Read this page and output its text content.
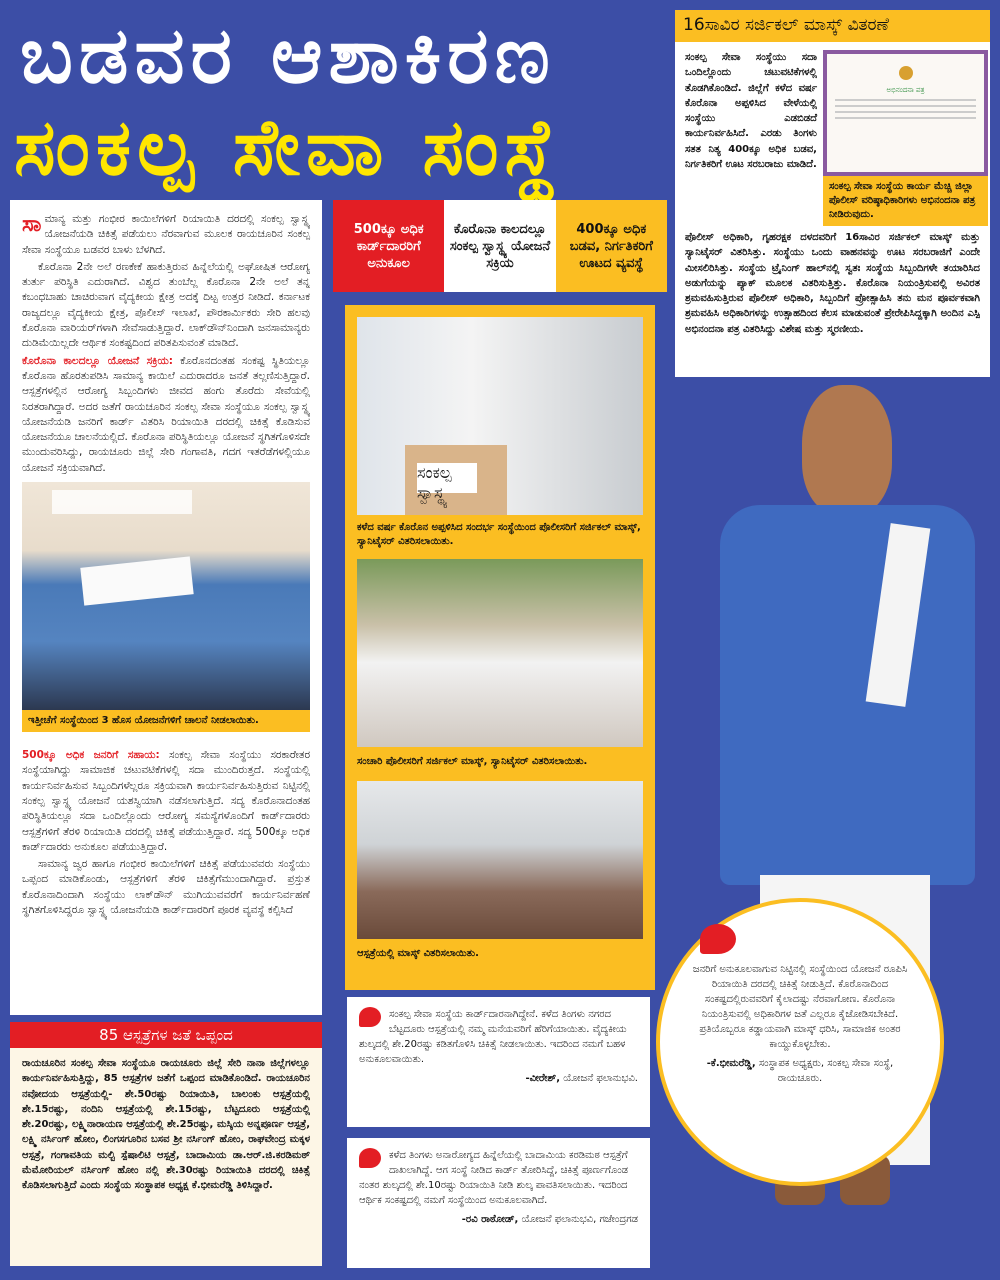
ಬಡವರ ಆಶಾಕಿರಣ
ಸಂಕಲ್ಪ ಸೇವಾ ಸಂಸ್ಥೆ

ಸಾಮಾನ್ಯ ಮತ್ತು ಗಂಭೀರ ಕಾಯಿಲೆಗಳಿಗೆ ರಿಯಾಯಿತಿ ದರದಲ್ಲಿ ಸಂಕಲ್ಪ ಸ್ವಾಸ್ಥ್ಯ ಯೋಜನೆಯಡಿ ಚಿಕಿತ್ಸೆ ಪಡೆಯಲು ನೆರವಾಗುವ ಮೂಲಕ ರಾಯಚೂರಿನ ಸಂಕಲ್ಪ ಸೇವಾ ಸಂಸ್ಥೆಯೂ ಬಡವರ ಬಾಳು ಬೆಳಗಿದೆ.

ಕೊರೊನಾ 2ನೇ ಅಲೆ ರಣಕೇಕೆ ಹಾಕುತ್ತಿರುವ ಹಿನ್ನೆಲೆಯಲ್ಲಿ ಅಘೋಷಿತ ಆರೋಗ್ಯ ತುರ್ತು ಪರಿಸ್ಥಿತಿ ಎದುರಾಗಿದೆ. ವಿಶ್ವದ ತುಂಬೆಲ್ಲ ಕೊರೊನಾ 2ನೇ ಅಲೆ ತನ್ನ ಕಬಂಧಬಾಹು ಚಾಚಿರುವಾಗ ವೈದ್ಯಕೀಯ ಕ್ಷೇತ್ರ ಅದಕ್ಕೆ ದಿಟ್ಟ ಉತ್ತರ ನೀಡಿದೆ. ಕರ್ನಾಟಕ ರಾಜ್ಯದಲ್ಲೂ ವೈದ್ಯಕೀಯ ಕ್ಷೇತ್ರ, ಪೊಲೀಸ್ ಇಲಾಖೆ, ಪೌರಕಾರ್ಮಿಕರು ಸೇರಿ ಹಲವು ಕೊರೊನಾ ವಾರಿಯರ್‌ಗಳಾಗಿ ಸೇವೆಸಾಡುತ್ತಿದ್ದಾರೆ. ಲಾಕ್‌ಡೌನ್‌ನಿಂದಾಗಿ ಜನಸಾಮಾನ್ಯರು ದುಡಿಮೆಯಿಲ್ಲದೇ ಆರ್ಥಿಕ ಸಂಕಷ್ಟದಿಂದ ಪರಿತಪಿಸುವಂತೆ ಮಾಡಿದೆ.

ಕೊರೊನಾ ಕಾಲದಲ್ಲೂ ಯೋಜನೆ ಸಕ್ರಿಯ: ಕೊರೊನದಂತಹ ಸಂಕಷ್ಟ ಸ್ಥಿತಿಯಲ್ಲೂ ಕೊರೊನಾ ಹೊರತುಪಡಿಸಿ ಸಾಮಾನ್ಯ ಕಾಯಿಲೆ ಎದುರಾದರೂ ಜನತೆ ತಲ್ಲಣಿಸುತ್ತಿದ್ದಾರೆ. ಆಸ್ಪತ್ರೆಗಳಲ್ಲಿನ ಆರೋಗ್ಯ ಸಿಬ್ಬಂದಿಗಳು ಜೀವದ ಹಂಗು ತೊರೆದು ಸೇವೆಯಲ್ಲಿ ನಿರತರಾಗಿದ್ದಾರೆ. ಅದರ ಜತೆಗೆ ರಾಯಚೂರಿನ ಸಂಕಲ್ಪ ಸೇವಾ ಸಂಸ್ಥೆಯೂ ಸಂಕಲ್ಪ ಸ್ವಾಸ್ಥ್ಯ ಯೋಜನೆಯಡಿ ಜನರಿಗೆ ಕಾರ್ಡ್ ವಿತರಿಸಿ ರಿಯಾಯಿತಿ ದರದಲ್ಲಿ ಚಿಕಿತ್ಸೆ ಕೊಡಿಸುವ ಯೋಜನೆಯೂ ಚಾಲನೆಯಲ್ಲಿದೆ. ಕೊರೊನಾ ಪರಿಸ್ಥಿತಿಯಲ್ಲೂ ಯೋಜನೆ ಸ್ಥಗಿತಗೊಳಿಸದೇ ಮುಂದುವರಿಸಿದ್ದು, ರಾಯಚೂರು ಜಿಲ್ಲೆ ಸೇರಿ ಗಂಗಾವತಿ, ಗದಗ ಇತರೆಡೆಗಳಲ್ಲಿಯೂ ಯೋಜನೆ ಸಕ್ರಿಯವಾಗಿದೆ.

ಇತ್ತೀಚೆಗೆ ಸಂಸ್ಥೆಯಿಂದ 3 ಹೊಸ ಯೋಜನೆಗಳಿಗೆ ಚಾಲನೆ ನೀಡಲಾಯಿತು.

500ಕ್ಕೂ ಅಧಿಕ ಜನರಿಗೆ ಸಹಾಯ: ಸಂಕಲ್ಪ ಸೇವಾ ಸಂಸ್ಥೆಯು ಸರಕಾರೇತರ ಸಂಸ್ಥೆಯಾಗಿದ್ದು ಸಾಮಾಜಿಕ ಚಟುವಟಿಕೆಗಳಲ್ಲಿ ಸದಾ ಮುಂದಿರುತ್ತದೆ. ಸಂಸ್ಥೆಯಲ್ಲಿ ಕಾರ್ಯನಿರ್ವಹಿಸುವ ಸಿಬ್ಬಂದಿಗಳೆಲ್ಲರೂ ಸಕ್ರಿಯವಾಗಿ ಕಾರ್ಯನಿರ್ವಹಿಸುತ್ತಿರುವ ನಿಟ್ಟಿನಲ್ಲಿ ಸಂಕಲ್ಪ ಸ್ವಾಸ್ಥ್ಯ ಯೋಜನೆ ಯಶಸ್ವಿಯಾಗಿ ನಡೆಸಲಾಗುತ್ತಿದೆ. ಸದ್ಯ ಕೊರೊನಾದಂತಹ ಪರಿಸ್ಥಿತಿಯಲ್ಲೂ ಸದಾ ಒಂದಿಲ್ಲೊಂದು ಆರೋಗ್ಯ ಸಮಸ್ಯೆಗಳೊಂದಿಗೆ ಕಾರ್ಡ್‌ದಾರರು ಆಸ್ಪತ್ರೆಗಳಿಗೆ ತೆರಳಿ ರಿಯಾಯಿತಿ ದರದಲ್ಲಿ ಚಿಕಿತ್ಸೆ ಪಡೆಯುತ್ತಿದ್ದಾರೆ. ಸದ್ಯ 500ಕ್ಕೂ ಅಧಿಕ ಕಾರ್ಡ್‌ದಾರರು ಅನುಕೂಲ ಪಡೆಯುತ್ತಿದ್ದಾರೆ.

ಸಾಮಾನ್ಯ ಜ್ವರ ಹಾಗೂ ಗಂಭೀರ ಕಾಯಿಲೆಗಳಿಗೆ ಚಿಕಿತ್ಸೆ ಪಡೆಯುವವರು ಸಂಸ್ಥೆಯು ಒಪ್ಪಂದ ಮಾಡಿಕೊಂಡು, ಆಸ್ಪತ್ರೆಗಳಿಗೆ ತೆರಳಿ ಚಿಕಿತ್ಸೆಗೆಮುಂದಾಗಿದ್ದಾರೆ. ಪ್ರಸ್ತುತ ಕೊರೊನಾದಿಂದಾಗಿ ಸಂಸ್ಥೆಯು ಲಾಕ್‌ಡೌನ್ ಮುಗಿಯುವವರೆಗೆ ಕಾರ್ಯನಿರ್ವಹಣೆ ಸ್ಥಗಿತಗೊಳಿಸಿದ್ದರೂ ಸ್ವಾಸ್ಥ್ಯ ಯೋಜನೆಯಡಿ ಕಾರ್ಡ್‌ದಾರರಿಗೆ ಪೂರಕ ವ್ಯವಸ್ಥೆ ಕಲ್ಪಿಸಿದೆ

85 ಆಸ್ಪತ್ರೆಗಳ ಜತೆ ಒಪ್ಪಂದ

ರಾಯಚೂರಿನ ಸಂಕಲ್ಪ ಸೇವಾ ಸಂಸ್ಥೆಯೂ ರಾಯಚೂರು ಜಿಲ್ಲೆ ಸೇರಿ ನಾನಾ ಜಿಲ್ಲೆಗಳಲ್ಲೂ ಕಾರ್ಯನಿರ್ವಹಿಸುತ್ತಿದ್ದು, 85 ಆಸ್ಪತ್ರೆಗಳ ಜತೆಗೆ ಒಪ್ಪಂದ ಮಾಡಿಕೊಂಡಿದೆ. ರಾಯಚೂರಿನ ನವೋದಯ ಆಸ್ಪತ್ರೆಯಲ್ಲಿ- ಶೇ.50ರಷ್ಟು ರಿಯಾಯಿತಿ, ಬಾಲಂಕು ಆಸ್ಪತ್ರೆಯಲ್ಲಿ ಶೇ.15ರಷ್ಟು, ನಂದಿನಿ ಆಸ್ಪತ್ರೆಯಲ್ಲಿ ಶೇ.15ರಷ್ಟು, ಬೆಟ್ಟದೂರು ಆಸ್ಪತ್ರೆಯಲ್ಲಿ ಶೇ.20ರಷ್ಟು, ಲಕ್ಷ್ಮಿನಾರಾಯಣ ಆಸ್ಪತ್ರೆಯಲ್ಲಿ ಶೇ.25ರಷ್ಟು, ಮಸ್ಕಿಯ ಅನ್ನಪೂರ್ಣ ಆಸ್ಪತ್ರೆ, ಲಕ್ಷ್ಮಿ ನರ್ಸಿಂಗ್ ಹೋಂ, ಲಿಂಗಸಗೂರಿನ ಬಸವ ಶ್ರೀ ನರ್ಸಿಂಗ್ ಹೋಂ, ರಾಘವೇಂದ್ರ ಮಕ್ಕಳ ಆಸ್ಪತ್ರೆ, ಗಂಗಾವತಿಯ ಮಲ್ಟಿ ಸ್ಪೆಷಾಲಿಟಿ ಆಸ್ಪತ್ರೆ, ಬಾದಾಮಿಯ ಡಾ.ಆರ್.ಜಿ.ಕರಡಿಮಠ್ ಮೆಮೋರಿಯಲ್ ನರ್ಸಿಂಗ್ ಹೋಂ ನಲ್ಲಿ ಶೇ.30ರಷ್ಟು ರಿಯಾಯಿತಿ ದರದಲ್ಲಿ ಚಿಕಿತ್ಸೆ ಕೊಡಿಸಲಾಗುತ್ತಿದೆ ಎಂದು ಸಂಸ್ಥೆಯ ಸಂಸ್ಥಾಪಕ ಅಧ್ಯಕ್ಷ ಕೆ.ಭೀಮರೆಡ್ಡಿ ತಿಳಿಸಿದ್ದಾರೆ.

500ಕ್ಕೂ ಅಧಿಕ ಕಾರ್ಡ್‌ದಾರರಿಗೆ ಅನುಕೂಲ
ಕೊರೊನಾ ಕಾಲದಲ್ಲೂ ಸಂಕಲ್ಪ ಸ್ವಾಸ್ಥ್ಯ ಯೋಜನೆ ಸಕ್ರಿಯ
400ಕ್ಕೂ ಅಧಿಕ ಬಡವ, ನಿರ್ಗತಿಕರಿಗೆ ಊಟದ ವ್ಯವಸ್ಥೆ
ಸಂಕಲ್ಪ ಸ್ವಾಸ್ಥ್ಯ
ಕಳೆದ ವರ್ಷ ಕೊರೊನ ಅಪ್ಪಳಿಸಿದ ಸಂದರ್ಭ ಸಂಸ್ಥೆಯಿಂದ ಪೊಲೀಸರಿಗೆ ಸರ್ಜಿಕಲ್ ಮಾಸ್ಕ್, ಸ್ಯಾನಿಟೈಸರ್ ವಿತರಿಸಲಾಯಿತು.
ಸಂಚಾರಿ ಪೊಲೀಸರಿಗೆ ಸರ್ಜಿಕಲ್ ಮಾಸ್ಕ್, ಸ್ಯಾನಿಟೈಸರ್ ವಿತರಿಸಲಾಯಿತು.
ಆಸ್ಪತ್ರೆಯಲ್ಲಿ ಮಾಸ್ಕ್ ವಿತರಿಸಲಾಯಿತು.
ಸಂಕಲ್ಪ ಸೇವಾ ಸಂಸ್ಥೆಯ ಕಾರ್ಡ್‌ದಾರನಾಗಿದ್ದೇನೆ. ಕಳೆದ ತಿಂಗಳು ನಗರದ ಬೆಟ್ಟದೂರು ಆಸ್ಪತ್ರೆಯಲ್ಲಿ ನಮ್ಮ ಮನೆಯವರಿಗೆ ಹೆರಿಗೆಯಾಯಿತು. ವೈದ್ಯಕೀಯ ಶುಲ್ಕದಲ್ಲಿ ಶೇ.20ರಷ್ಟು ಕಡಿತಗೊಳಿಸಿ ಚಿಕಿತ್ಸೆ ನೀಡಲಾಯಿತು. ಇದರಿಂದ ನಮಗೆ ಬಹಳ ಅನುಕೂಲವಾಯಿತು.
-ವೀರೇಶ್, ಯೋಜನೆ ಫಲಾನುಭವಿ.
ಕಳೆದ ತಿಂಗಳು ಅನಾರೋಗ್ಯದ ಹಿನ್ನೆಲೆಯಲ್ಲಿ ಬಾದಾಮಿಯ ಕರಡಿಮಠ ಆಸ್ಪತ್ರೆಗೆ ದಾಖಲಾಗಿದ್ದೆ. ಆಗ ಸಂಸ್ಥೆ ನೀಡಿದ ಕಾರ್ಡ್ ತೋರಿಸಿದ್ದೆ, ಚಿಕಿತ್ಸೆ ಪೂರ್ಣಗೊಂಡ ನಂತರ ಶುಲ್ಕದಲ್ಲಿ ಶೇ.10ರಷ್ಟು ರಿಯಾಯಿತಿ ನೀಡಿ ಶುಲ್ಕ ಪಾವತಿಸಲಾಯಿತು. ಇದರಿಂದ ಆರ್ಥಿಕ ಸಂಕಷ್ಟದಲ್ಲಿ ನಮಗೆ ಸಂಸ್ಥೆಯಿಂದ ಅನುಕೂಲವಾಗಿದೆ.
-ರವಿ ರಾಠೋಡ್, ಯೋಜನೆ ಫಲಾನುಭವಿ, ಗಜೇಂದ್ರಗಡ
16ಸಾವಿರ ಸರ್ಜಿಕಲ್ ಮಾಸ್ಕ್ ವಿತರಣೆ
ಅಭಿನಂದನಾ ಪತ್ರ
ಸಂಕಲ್ಪ ಸೇವಾ ಸಂಸ್ಥೆಯ ಕಾರ್ಯ ಮೆಚ್ಚಿ ಜಿಲ್ಲಾ ಪೊಲೀಸ್ ವರಿಷ್ಠಾಧಿಕಾರಿಗಳು ಅಭಿನಂದನಾ ಪತ್ರ ನೀಡಿರುವುದು.

ಸಂಕಲ್ಪ ಸೇವಾ ಸಂಸ್ಥೆಯು ಸದಾ ಒಂದಿಲ್ಲೊಂದು ಚಟುವಟಿಕೆಗಳಲ್ಲಿ ತೊಡಗಿಕೊಂಡಿದೆ. ಜಿಲ್ಲೆಗೆ ಕಳೆದ ವರ್ಷ ಕೊರೊನಾ ಅಪ್ಪಳಿಸಿದ ವೇಳೆಯಲ್ಲಿ ಸಂಸ್ಥೆಯು ಎಡಬಿಡದೆ ಕಾರ್ಯನಿರ್ವಹಿಸಿದೆ. ಎರಡು ತಿಂಗಳು ಸತತ ನಿತ್ಯ 400ಕ್ಕೂ ಅಧಿಕ ಬಡವ, ನಿರ್ಗತಿಕರಿಗೆ ಊಟ ಸರಬರಾಜು ಮಾಡಿದೆ.

ಪೊಲೀಸ್ ಅಧಿಕಾರಿ, ಗೃಹರಕ್ಷಕ ದಳದವರಿಗೆ 16ಸಾವಿರ ಸರ್ಜಿಕಲ್ ಮಾಸ್ಕ್ ಮತ್ತು ಸ್ಯಾನಿಟೈಸರ್ ವಿತರಿಸಿತ್ತು. ಸಂಸ್ಥೆಯು ಒಂದು ವಾಹನವನ್ನು ಊಟ ಸರಬರಾಜಿಗೆ ಎಂದೇ ಮೀಸಲಿರಿಸಿತ್ತು. ಸಂಸ್ಥೆಯ ಟ್ರೈನಿಂಗ್ ಹಾಲ್‌ನಲ್ಲಿ ಸ್ವತಃ ಸಂಸ್ಥೆಯ ಸಿಬ್ಬಂದಿಗಳೇ ತಯಾರಿಸಿದ ಅಡುಗೆಯನ್ನು ಪ್ಯಾಕ್ ಮೂಲಕ ವಿತರಿಸುತ್ತಿತ್ತು. ಕೊರೊನಾ ನಿಯಂತ್ರಿಸುವಲ್ಲಿ ಅವಿರತ ಶ್ರಮವಹಿಸುತ್ತಿರುವ ಪೊಲೀಸ್ ಅಧಿಕಾರಿ, ಸಿಬ್ಬಂದಿಗೆ ಪ್ರೋತ್ಸಾಹಿಸಿ ತನು ಮನ ಪೂರ್ವಕವಾಗಿ ಶ್ರಮವಹಿಸಿ ಅಧಿಕಾರಿಗಳನ್ನು ಉತ್ಸಾಹದಿಂದ ಕೆಲಸ ಮಾಡುವಂತೆ ಪ್ರೇರೇಪಿಸಿದ್ದಕ್ಕಾಗಿ ಅಂದಿನ ಎಸ್ಪಿ ಅಭಿನಂದನಾ ಪತ್ರ ವಿತರಿಸಿದ್ದು ವಿಶೇಷ ಮತ್ತು ಸ್ಮರಣೀಯ.

ಜನರಿಗೆ ಅನುಕೂಲವಾಗುವ ನಿಟ್ಟಿನಲ್ಲಿ ಸಂಸ್ಥೆಯಿಂದ ಯೋಜನೆ ರೂಪಿಸಿ ರಿಯಾಯಿತಿ ದರದಲ್ಲಿ ಚಿಕಿತ್ಸೆ ನೀಡುತ್ತಿದೆ. ಕೊರೊನಾದಿಂದ ಸಂಕಷ್ಟದಲ್ಲಿರುವವರಿಗೆ ಕೈಲಾದಷ್ಟು ನೆರವಾಗೋಣ. ಕೊರೊನಾ ನಿಯಂತ್ರಿಸುವಲ್ಲಿ ಅಧಿಕಾರಿಗಳ ಜತೆ ಎಲ್ಲರೂ ಕೈಜೋಡಿಸಬೇಕಿದೆ. ಪ್ರತಿಯೊಬ್ಬರೂ ಕಡ್ಡಾಯವಾಗಿ ಮಾಸ್ಕ್ ಧರಿಸಿ, ಸಾಮಾಜಿಕ ಅಂತರ ಕಾಯ್ದುಕೊಳ್ಳಬೇಕು.
-ಕೆ.ಭೀಮರೆಡ್ಡಿ, ಸಂಸ್ಥಾಪಕ ಅಧ್ಯಕ್ಷರು, ಸಂಕಲ್ಪ ಸೇವಾ ಸಂಸ್ಥೆ, ರಾಯಚೂರು.
